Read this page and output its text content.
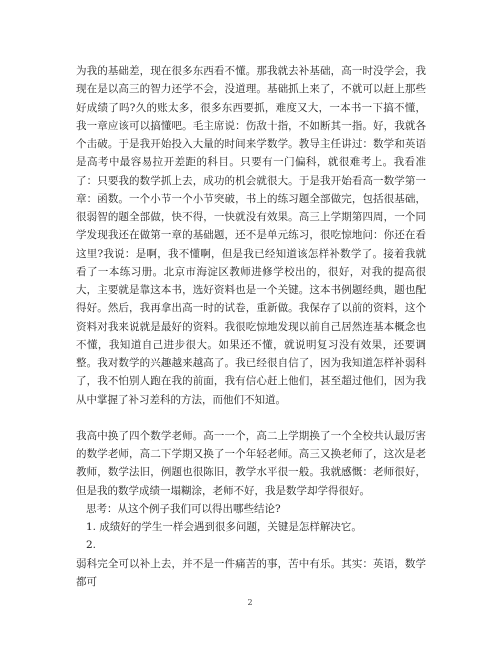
为我的基础差，现在很多东西看不懂。那我就去补基础，高一时没学会，我现在是以高三的智力还学不会，没道理。基础抓上来了，不就可以赶上那些好成绩了吗?久的账太多，很多东西要抓，难度又大，一本书一下搞不懂，我一章应该可以搞懂吧。毛主席说：伤敌十指，不如断其一指。好，我就各个击破。于是我开始投入大量的时间来学数学。教导主任讲过：数学和英语是高考中最容易拉开差距的科目。只要有一门偏科，就很难考上。我看准了：只要我的数学抓上去，成功的机会就很大。于是我开始看高一数学第一章：函数。一个小节一个小节突破，书上的练习题全部做完，包括很基础，很弱智的题全部做，快不得，一快就没有效果。高三上学期第四周，一个同学发现我还在做第一章的基础题，还不是单元练习，很吃惊地问：你还在看这里?我说：是啊，我不懂啊，但是我已经知道该怎样补数学了。接着我就看了一本练习册。北京市海淀区教师进修学校出的，很好，对我的提高很大，主要就是靠这本书，选好资料也是一个关键。这本书例题经典，题也配得好。然后，我再拿出高一时的试卷，重新做。我保存了以前的资料，这个资料对我来说就是最好的资料。我很吃惊地发现以前自己居然连基本概念也不懂，我知道自己进步很大。如果还不懂，就说明复习没有效果，还要调整。我对数学的兴趣越来越高了。我已经很自信了，因为我知道怎样补弱科了，我不怕别人跑在我的前面，我有信心赶上他们，甚至超过他们，因为我从中掌握了补习差科的方法，而他们不知道。

我高中换了四个数学老师。高一一个，高二上学期换了一个全校共认最厉害的数学老师，高二下学期又换了一个年轻老师。高三又换老师了，这次是老教师，数学法旧，例题也很陈旧，教学水平很一般。我就感慨：老师很好，但是我的数学成绩一塌糊涂，老师不好，我是数学却学得很好。

思考：从这个例子我们可以得出哪些结论?

1. 成绩好的学生一样会遇到很多问题，关键是怎样解决它。

2.

弱科完全可以补上去，并不是一件痛苦的事，苦中有乐。其实：英语，数学都可

2
